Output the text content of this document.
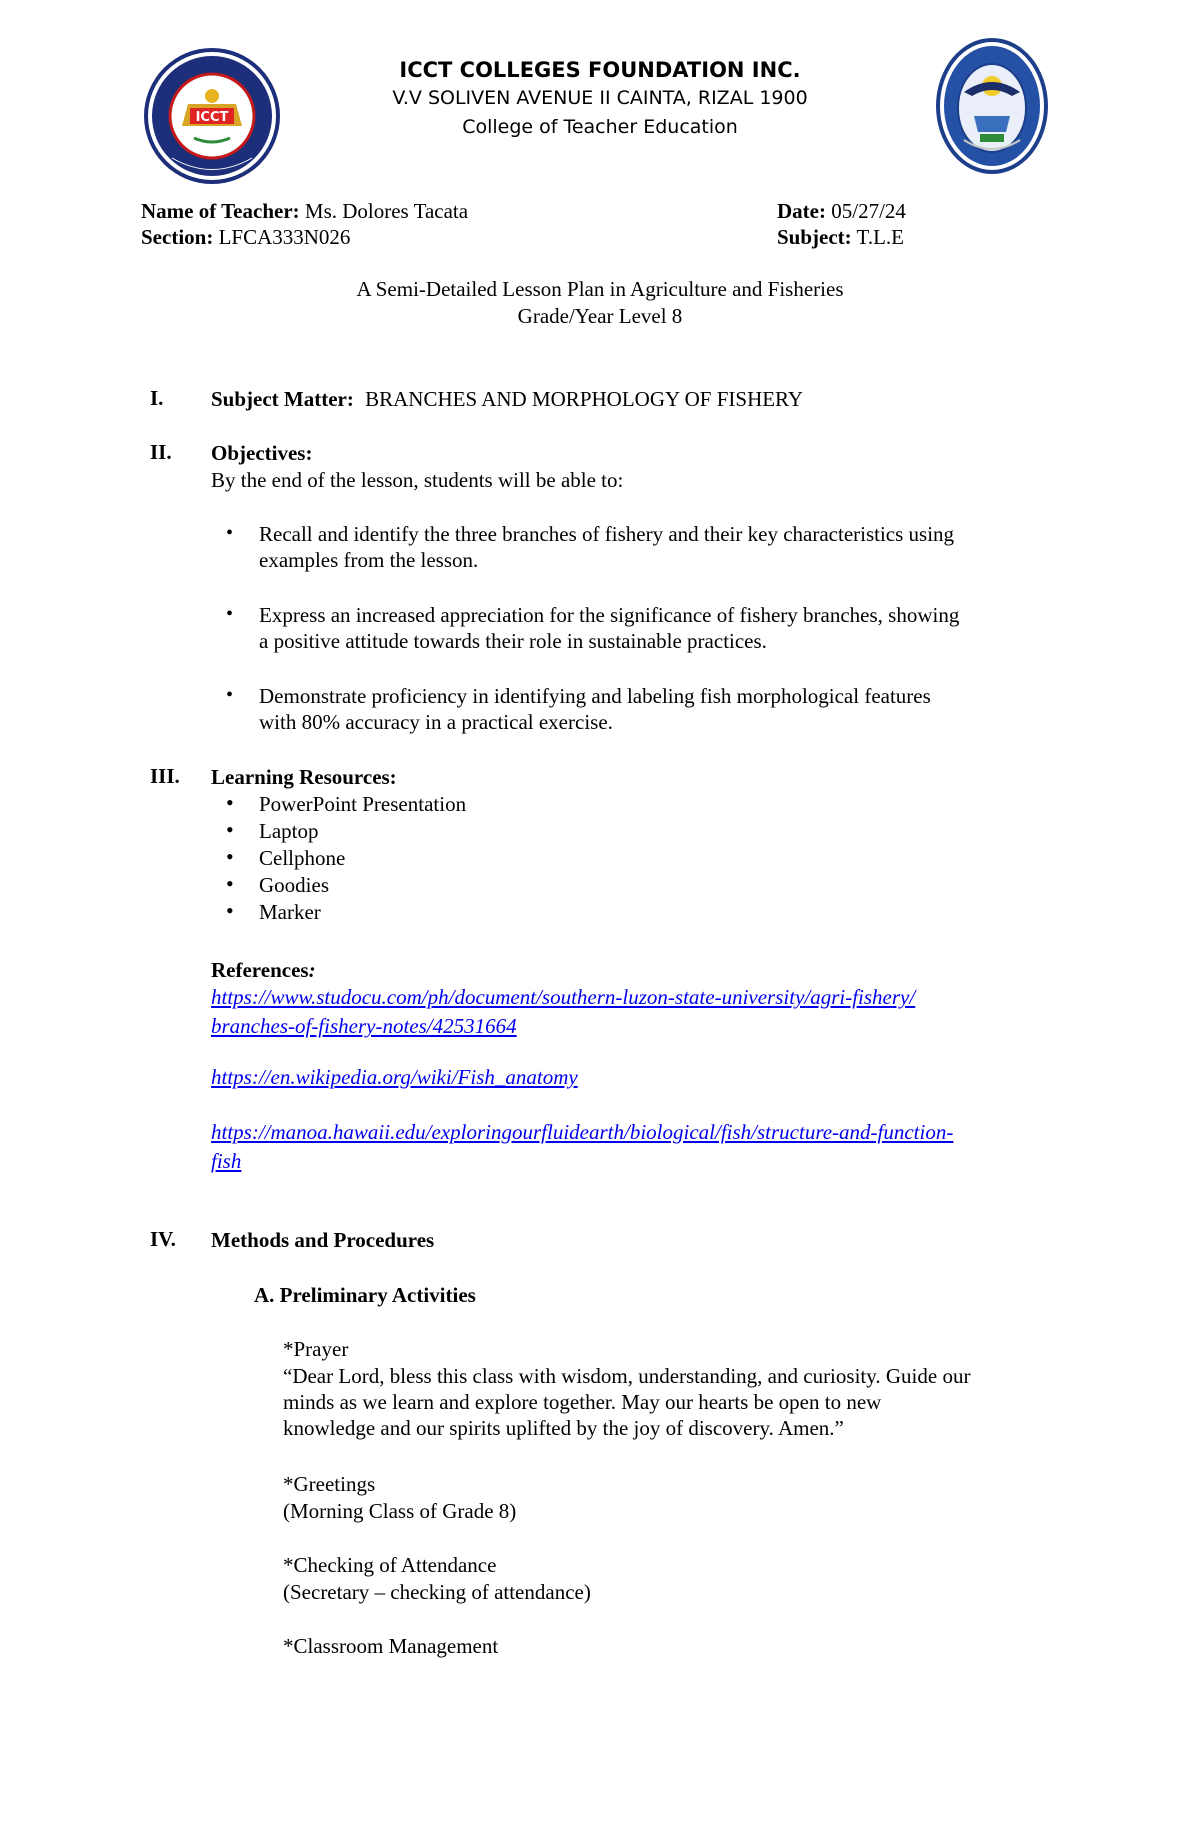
ICCT
ICCT COLLEGES FOUNDATION INC.
V.V SOLIVEN AVENUE II CAINTA, RIZAL 1900
College of Teacher Education
Name of Teacher: Ms. Dolores Tacata
Section: LFCA333N026
Date: 05/27/24
Subject: T.L.E
A Semi-Detailed Lesson Plan in Agriculture and Fisheries
Grade/Year Level 8
I.	Subject Matter: BRANCHES AND MORPHOLOGY OF FISHERY
II.	Objectives:
By the end of the lesson, students will be able to:
• Recall and identify the three branches of fishery and their key characteristics using
examples from the lesson.
• Express an increased appreciation for the significance of fishery branches, showing
a positive attitude towards their role in sustainable practices.
• Demonstrate proficiency in identifying and labeling fish morphological features
with 80% accuracy in a practical exercise.
III.	Learning Resources:
• PowerPoint Presentation
• Laptop
• Cellphone
• Goodies
• Marker
References:
https://www.studocu.com/ph/document/southern-luzon-state-university/agri-fishery/
branches-of-fishery-notes/42531664
https://en.wikipedia.org/wiki/Fish_anatomy
https://manoa.hawaii.edu/exploringourfluidearth/biological/fish/structure-and-function-
fish
IV.	Methods and Procedures
A. Preliminary Activities
*Prayer
“Dear Lord, bless this class with wisdom, understanding, and curiosity. Guide our
minds as we learn and explore together. May our hearts be open to new
knowledge and our spirits uplifted by the joy of discovery. Amen.”
*Greetings
(Morning Class of Grade 8)
*Checking of Attendance
(Secretary – checking of attendance)
*Classroom Management
